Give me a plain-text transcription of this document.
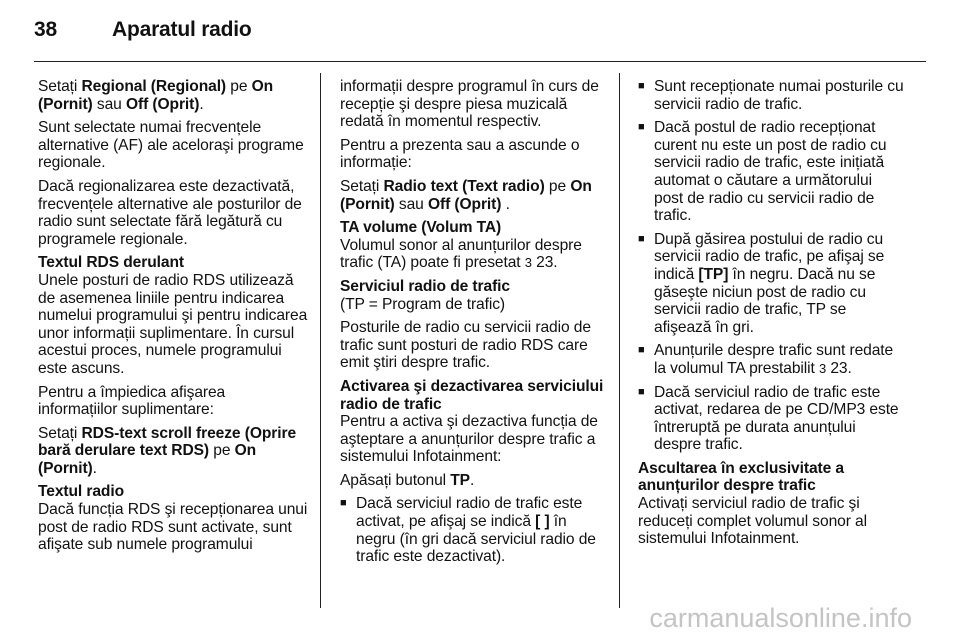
38	Aparatul radio

Setați Regional (Regional) pe On (Pornit) sau Off (Oprit).

Sunt selectate numai frecvențele alternative (AF) ale aceloraşi programe regionale.

Dacă regionalizarea este dezactivată, frecvențele alternative ale posturilor de radio sunt selectate fără legătură cu programele regionale.

Textul RDS derulant
Unele posturi de radio RDS utilizează de asemenea liniile pentru indicarea numelui programului şi pentru indicarea unor informații suplimentare. În cursul acestui proces, numele programului este ascuns.

Pentru a împiedica afişarea informațiilor suplimentare:

Setați RDS-text scroll freeze (Oprire bară derulare text RDS) pe On (Pornit).

Textul radio
Dacă funcția RDS şi recepționarea unui post de radio RDS sunt activate, sunt afişate sub numele programului

informații despre programul în curs de recepție şi despre piesa muzicală redată în momentul respectiv.

Pentru a prezenta sau a ascunde o informație:

Setați Radio text (Text radio) pe On (Pornit) sau Off (Oprit) .

TA volume (Volum TA)
Volumul sonor al anunțurilor despre trafic (TA) poate fi presetat 3 23.
Serviciul radio de trafic
(TP = Program de trafic)

Posturile de radio cu servicii radio de trafic sunt posturi de radio RDS care emit ştiri despre trafic.

Activarea şi dezactivarea serviciului radio de trafic
Pentru a activa şi dezactiva funcția de aşteptare a anunțurilor despre trafic a sistemului Infotainment:

Apăsați butonul TP.

■ Dacă serviciul radio de trafic este activat, pe afişaj se indică [ ] în negru (în gri dacă serviciul radio de trafic este dezactivat).
■ Sunt recepționate numai posturile cu servicii radio de trafic.
■ Dacă postul de radio recepționat curent nu este un post de radio cu servicii radio de trafic, este inițiată automat o căutare a următorului post de radio cu servicii radio de trafic.
■ După găsirea postului de radio cu servicii radio de trafic, pe afişaj se indică [TP] în negru. Dacă nu se găseşte niciun post de radio cu servicii radio de trafic, TP se afişează în gri.
■ Anunțurile despre trafic sunt redate la volumul TA prestabilit 3 23.
■ Dacă serviciul radio de trafic este activat, redarea de pe CD/MP3 este întreruptă pe durata anunțului despre trafic.
Ascultarea în exclusivitate a anunțurilor despre trafic
Activați serviciul radio de trafic şi reduceți complet volumul sonor al sistemului Infotainment.
carmanualsonline.info
